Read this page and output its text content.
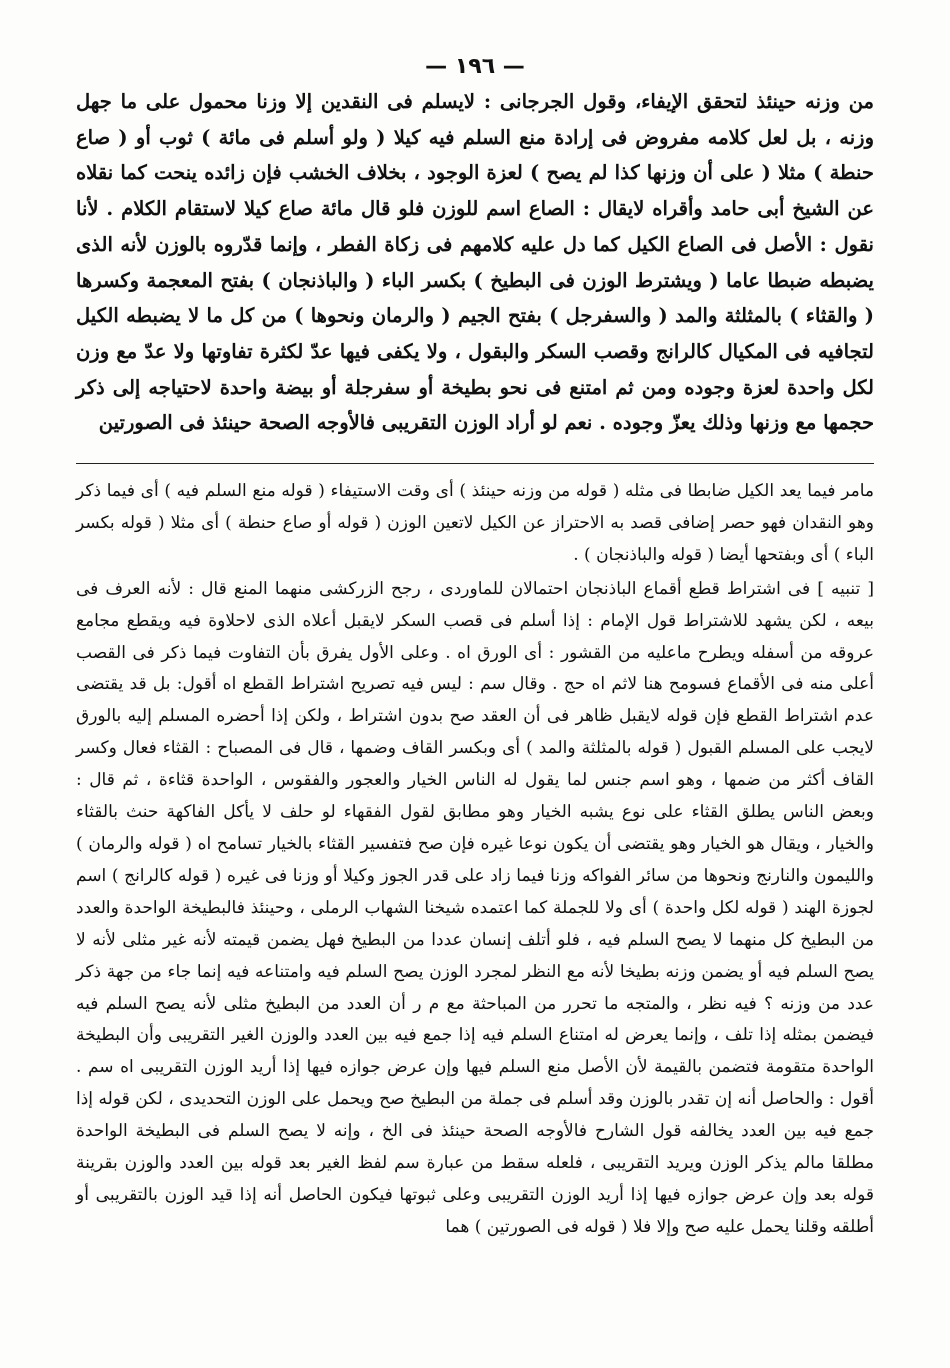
— ١٩٦ —

من وزنه حينئذ لتحقق الإيفاء، وقول الجرجانى : لايسلم فى النقدين إلا وزنا محمول على ما جهل وزنه ، بل لعل كلامه مفروض فى إرادة منع السلم فيه كيلا ( ولو أسلم فى مائة ) ثوب أو ( صاع حنطة ) مثلا ( على أن وزنها كذا لم يصح ) لعزة الوجود ، بخلاف الخشب فإن زائده ينحت كما نقلاه عن الشيخ أبى حامد وأقراه لايقال : الصاع اسم للوزن فلو قال مائة صاع كيلا لاستقام الكلام . لأنا نقول : الأصل فى الصاع الكيل كما دل عليه كلامهم فى زكاة الفطر ، وإنما قدّروه بالوزن لأنه الذى يضبطه ضبطا عاما ( ويشترط الوزن فى البطيخ ) بكسر الباء ( والباذنجان ) بفتح المعجمة وكسرها ( والقثاء ) بالمثلثة والمد ( والسفرجل ) بفتح الجيم ( والرمان ونحوها ) من كل ما لا يضبطه الكيل لتجافيه فى المكيال كالرانج وقصب السكر والبقول ، ولا يكفى فيها عدّ لكثرة تفاوتها ولا عدّ مع وزن لكل واحدة لعزة وجوده ومن ثم امتنع فى نحو بطيخة أو سفرجلة أو بيضة واحدة لاحتياجه إلى ذكر حجمها مع وزنها وذلك يعزّ وجوده . نعم لو أراد الوزن التقريبى فالأوجه الصحة حينئذ فى الصورتين

مامر فيما يعد الكيل ضابطا فى مثله ( قوله من وزنه حينئذ ) أى وقت الاستيفاء ( قوله منع السلم فيه ) أى فيما ذكر وهو النقدان فهو حصر إضافى قصد به الاحتراز عن الكيل لاتعين الوزن ( قوله أو صاع حنطة ) أى مثلا ( قوله بكسر الباء ) أى وبفتحها أيضا ( قوله والباذنجان ) .

[ تنبيه ] فى اشتراط قطع أقماع الباذنجان احتمالان للماوردى ، رجح الزركشى منهما المنع قال : لأنه العرف فى بيعه ، لكن يشهد للاشتراط قول الإمام : إذا أسلم فى قصب السكر لايقبل أعلاه الذى لاحلاوة فيه ويقطع مجامع عروقه من أسفله ويطرح ماعليه من القشور : أى الورق اه . وعلى الأول يفرق بأن التفاوت فيما ذكر فى القصب أعلى منه فى الأقماع فسومح هنا لاثم اه حج . وقال سم : ليس فيه تصريح اشتراط القطع اه أقول: بل قد يقتضى عدم اشتراط القطع فإن قوله لايقبل ظاهر فى أن العقد صح بدون اشتراط ، ولكن إذا أحضره المسلم إليه بالورق لايجب على المسلم القبول ( قوله بالمثلثة والمد ) أى وبكسر القاف وضمها ، قال فى المصباح : القثاء فعال وكسر القاف أكثر من ضمها ، وهو اسم جنس لما يقول له الناس الخيار والعجور والفقوس ، الواحدة قثاءة ، ثم قال : وبعض الناس يطلق القثاء على نوع يشبه الخيار وهو مطابق لقول الفقهاء لو حلف لا يأكل الفاكهة حنث بالقثاء والخيار ، ويقال هو الخيار وهو يقتضى أن يكون نوعا غيره فإن صح فتفسير القثاء بالخيار تسامح اه ( قوله والرمان ) والليمون والنارنج ونحوها من سائر الفواكه وزنا فيما زاد على قدر الجوز وكيلا أو وزنا فى غيره ( قوله كالرانج ) اسم لجوزة الهند ( قوله لكل واحدة ) أى ولا للجملة كما اعتمده شيخنا الشهاب الرملى ، وحينئذ فالبطيخة الواحدة والعدد من البطيخ كل منهما لا يصح السلم فيه ، فلو أتلف إنسان عددا من البطيخ فهل يضمن قيمته لأنه غير مثلى لأنه لا يصح السلم فيه أو يضمن وزنه بطيخا لأنه مع النظر لمجرد الوزن يصح السلم فيه وامتناعه فيه إنما جاء من جهة ذكر عدد من وزنه ؟ فيه نظر ، والمتجه ما تحرر من المباحثة مع م ر أن العدد من البطيخ مثلى لأنه يصح السلم فيه فيضمن بمثله إذا تلف ، وإنما يعرض له امتناع السلم فيه إذا جمع فيه بين العدد والوزن الغير التقريبى وأن البطيخة الواحدة متقومة فتضمن بالقيمة لأن الأصل منع السلم فيها وإن عرض جوازه فيها إذا أريد الوزن التقريبى اه سم . أقول : والحاصل أنه إن تقدر بالوزن وقد أسلم فى جملة من البطيخ صح ويحمل على الوزن التحديدى ، لكن قوله إذا جمع فيه بين العدد يخالفه قول الشارح فالأوجه الصحة حينئذ فى الخ ، وإنه لا يصح السلم فى البطيخة الواحدة مطلقا مالم يذكر الوزن ويريد التقريبى ، فلعله سقط من عبارة سم لفظ الغير بعد قوله بين العدد والوزن بقرينة قوله بعد وإن عرض جوازه فيها إذا أريد الوزن التقريبى وعلى ثبوتها فيكون الحاصل أنه إذا قيد الوزن بالتقريبى أو أطلقه وقلنا يحمل عليه صح وإلا فلا ( قوله فى الصورتين ) هما
